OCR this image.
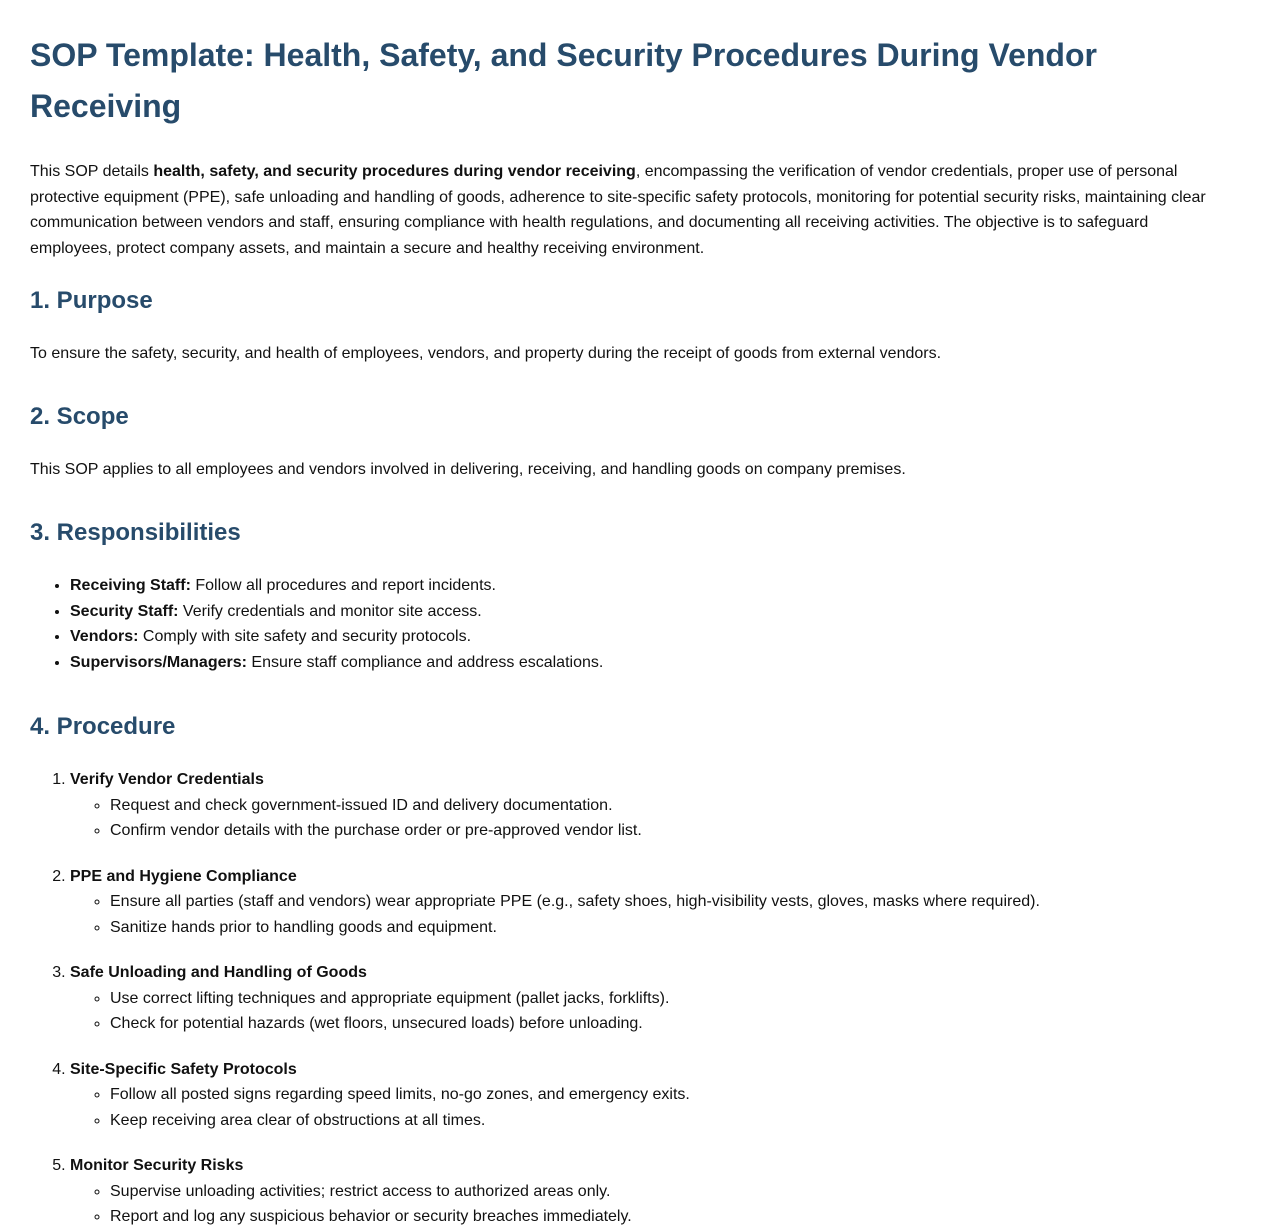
SOP Template: Health, Safety, and Security Procedures During Vendor Receiving

This SOP details health, safety, and security procedures during vendor receiving, encompassing the verification of vendor credentials, proper use of personal protective equipment (PPE), safe unloading and handling of goods, adherence to site-specific safety protocols, monitoring for potential security risks, maintaining clear communication between vendors and staff, ensuring compliance with health regulations, and documenting all receiving activities. The objective is to safeguard employees, protect company assets, and maintain a secure and healthy receiving environment.

1. Purpose

To ensure the safety, security, and health of employees, vendors, and property during the receipt of goods from external vendors.

2. Scope

This SOP applies to all employees and vendors involved in delivering, receiving, and handling goods on company premises.

3. Responsibilities
• Receiving Staff: Follow all procedures and report incidents.
• Security Staff: Verify credentials and monitor site access.
• Vendors: Comply with site safety and security protocols.
• Supervisors/Managers: Ensure staff compliance and address escalations.
4. Procedure
1. Verify Vendor Credentials
◦ Request and check government-issued ID and delivery documentation.
◦ Confirm vendor details with the purchase order or pre-approved vendor list.
2. PPE and Hygiene Compliance
◦ Ensure all parties (staff and vendors) wear appropriate PPE (e.g., safety shoes, high-visibility vests, gloves, masks where required).
◦ Sanitize hands prior to handling goods and equipment.
3. Safe Unloading and Handling of Goods
◦ Use correct lifting techniques and appropriate equipment (pallet jacks, forklifts).
◦ Check for potential hazards (wet floors, unsecured loads) before unloading.
4. Site-Specific Safety Protocols
◦ Follow all posted signs regarding speed limits, no-go zones, and emergency exits.
◦ Keep receiving area clear of obstructions at all times.
5. Monitor Security Risks
◦ Supervise unloading activities; restrict access to authorized areas only.
◦ Report and log any suspicious behavior or security breaches immediately.
